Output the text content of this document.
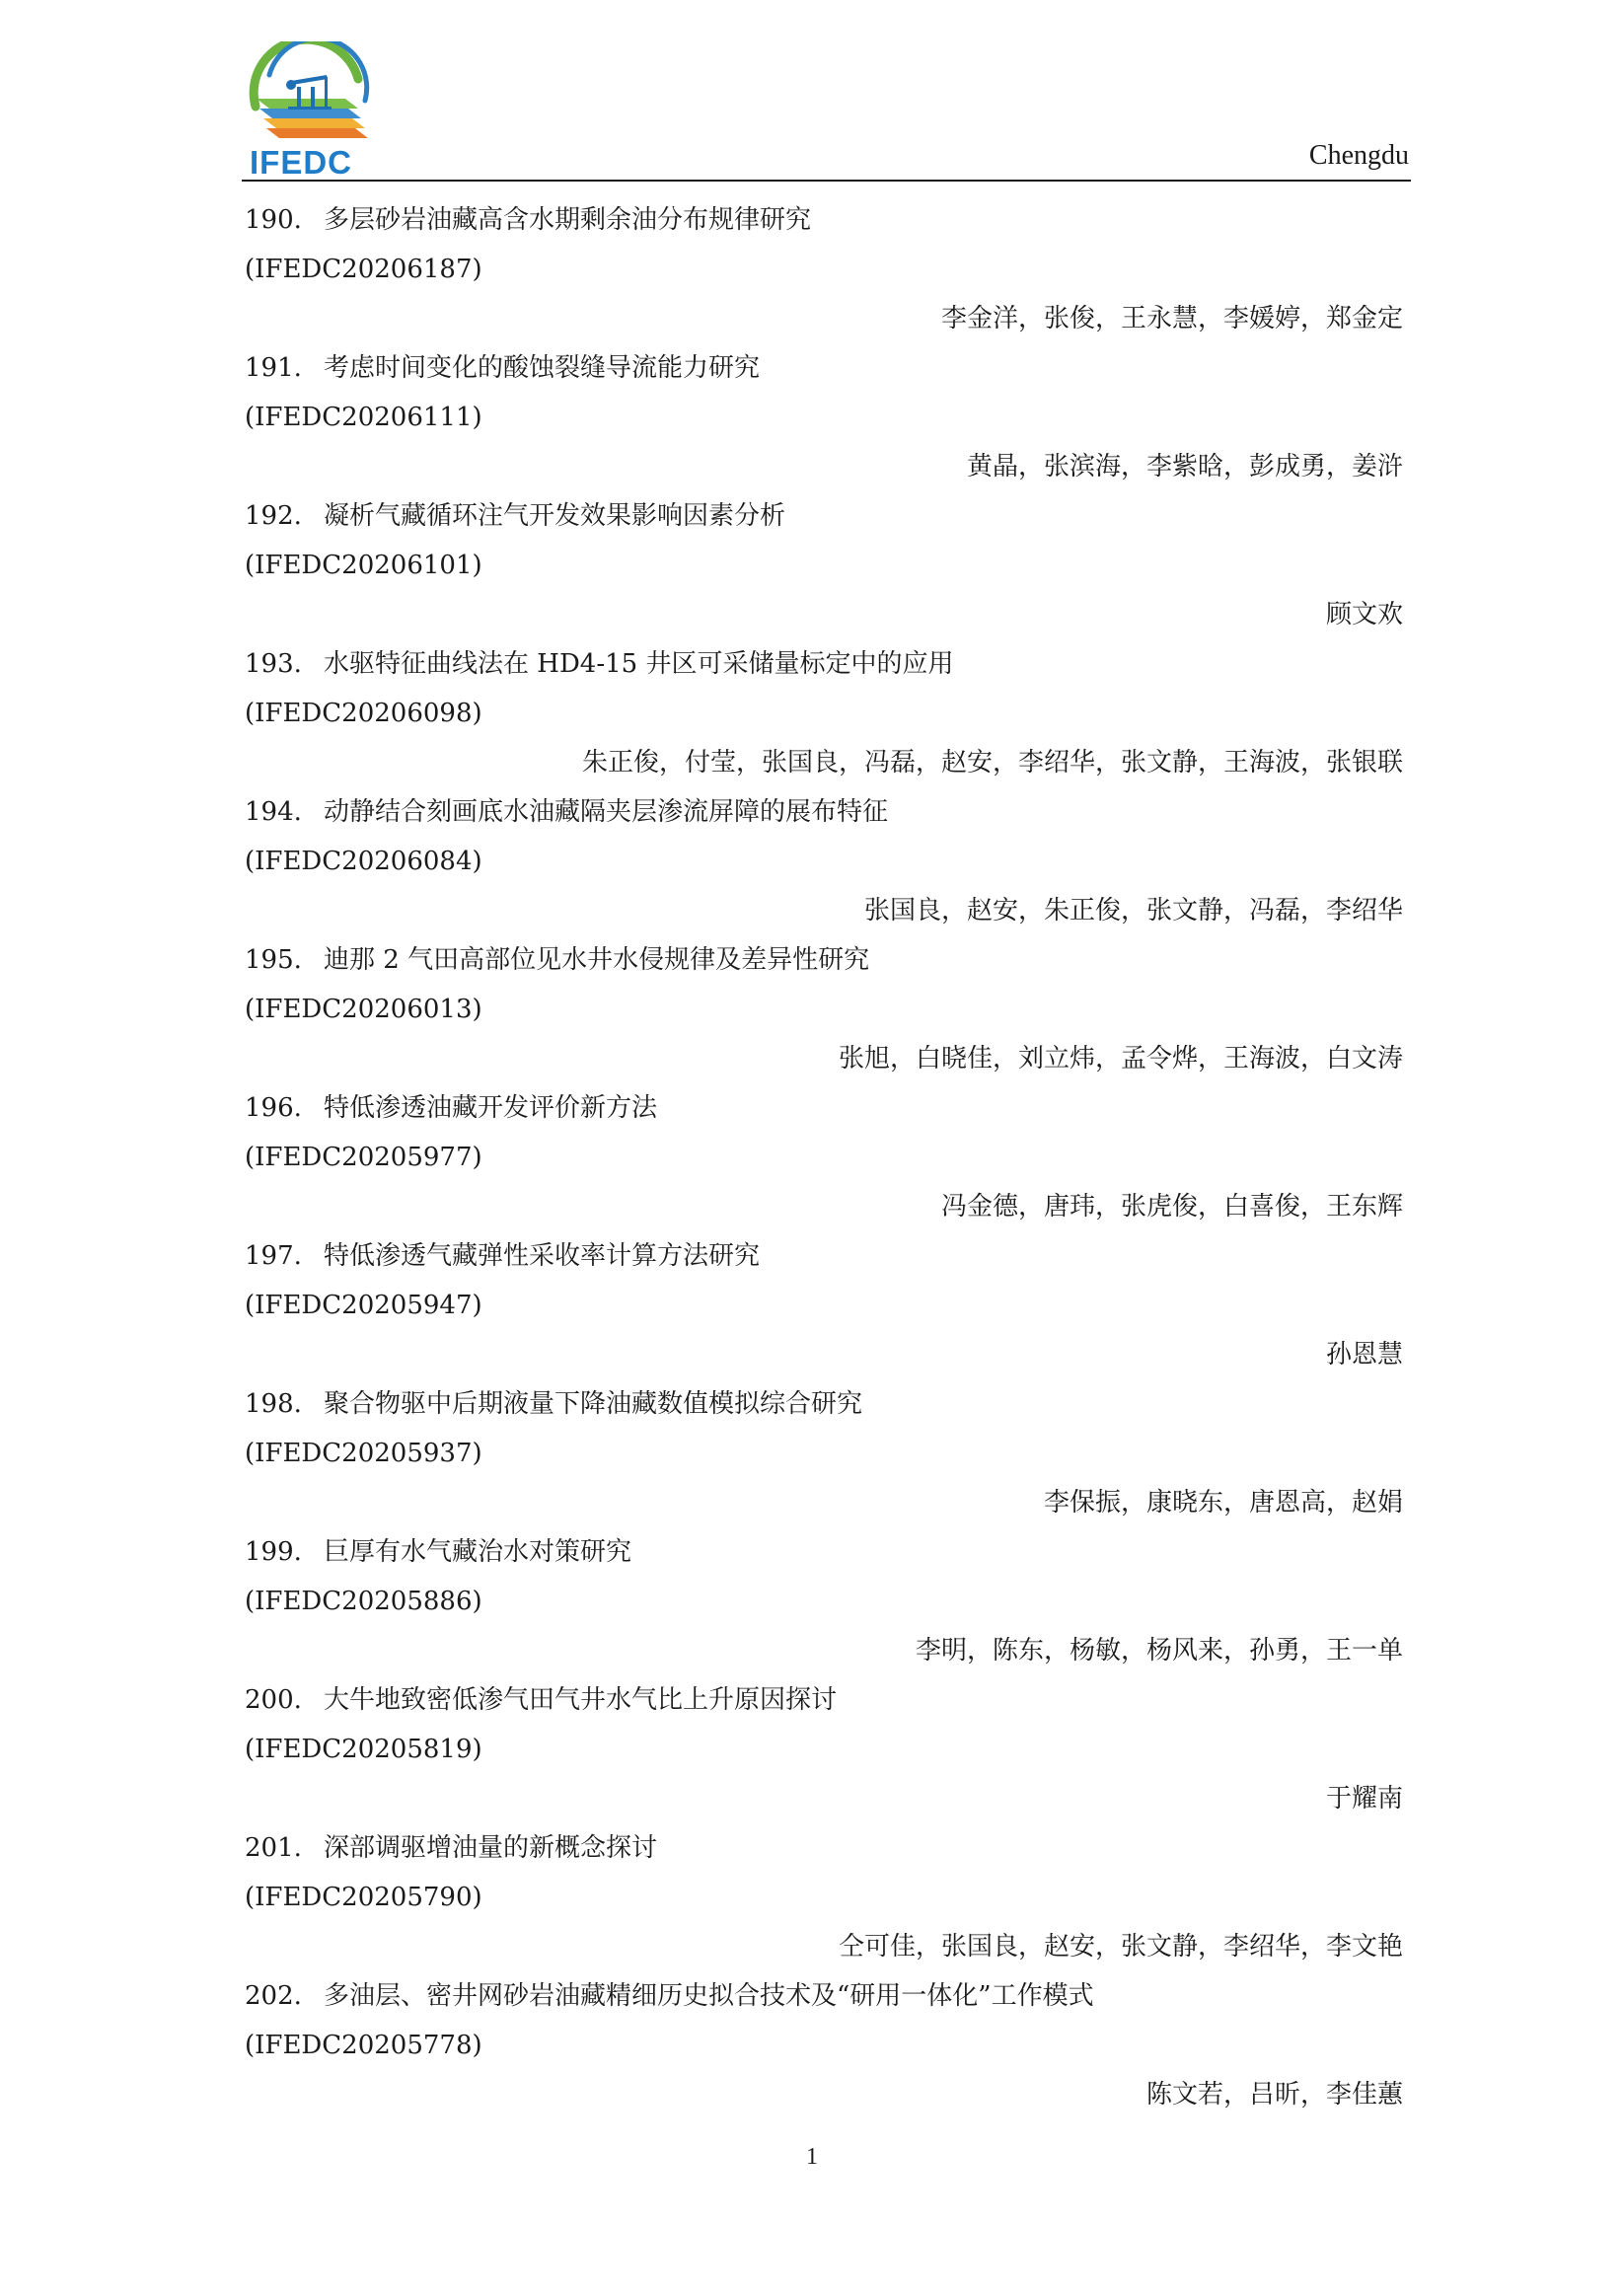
IFEDC	Chengdu
190. 多层砂岩油藏高含水期剩余油分布规律研究
(IFEDC20206187)
李金洋，张俊，王永慧，李媛婷，郑金定
191. 考虑时间变化的酸蚀裂缝导流能力研究
(IFEDC20206111)
黄晶，张滨海，李紫晗，彭成勇，姜浒
192. 凝析气藏循环注气开发效果影响因素分析
(IFEDC20206101)
顾文欢
193. 水驱特征曲线法在 HD4-15 井区可采储量标定中的应用
(IFEDC20206098)
朱正俊，付莹，张国良，冯磊，赵安，李绍华，张文静，王海波，张银联
194. 动静结合刻画底水油藏隔夹层渗流屏障的展布特征
(IFEDC20206084)
张国良，赵安，朱正俊，张文静，冯磊，李绍华
195. 迪那 2 气田高部位见水井水侵规律及差异性研究
(IFEDC20206013)
张旭，白晓佳，刘立炜，孟令烨，王海波，白文涛
196. 特低渗透油藏开发评价新方法
(IFEDC20205977)
冯金德，唐玮，张虎俊，白喜俊，王东辉
197. 特低渗透气藏弹性采收率计算方法研究
(IFEDC20205947)
孙恩慧
198. 聚合物驱中后期液量下降油藏数值模拟综合研究
(IFEDC20205937)
李保振，康晓东，唐恩高，赵娟
199. 巨厚有水气藏治水对策研究
(IFEDC20205886)
李明，陈东，杨敏，杨风来，孙勇，王一单
200. 大牛地致密低渗气田气井水气比上升原因探讨
(IFEDC20205819)
于耀南
201. 深部调驱增油量的新概念探讨
(IFEDC20205790)
仝可佳，张国良，赵安，张文静，李绍华，李文艳
202. 多油层、密井网砂岩油藏精细历史拟合技术及“研用一体化”工作模式
(IFEDC20205778)
陈文若，吕昕，李佳蕙
1
